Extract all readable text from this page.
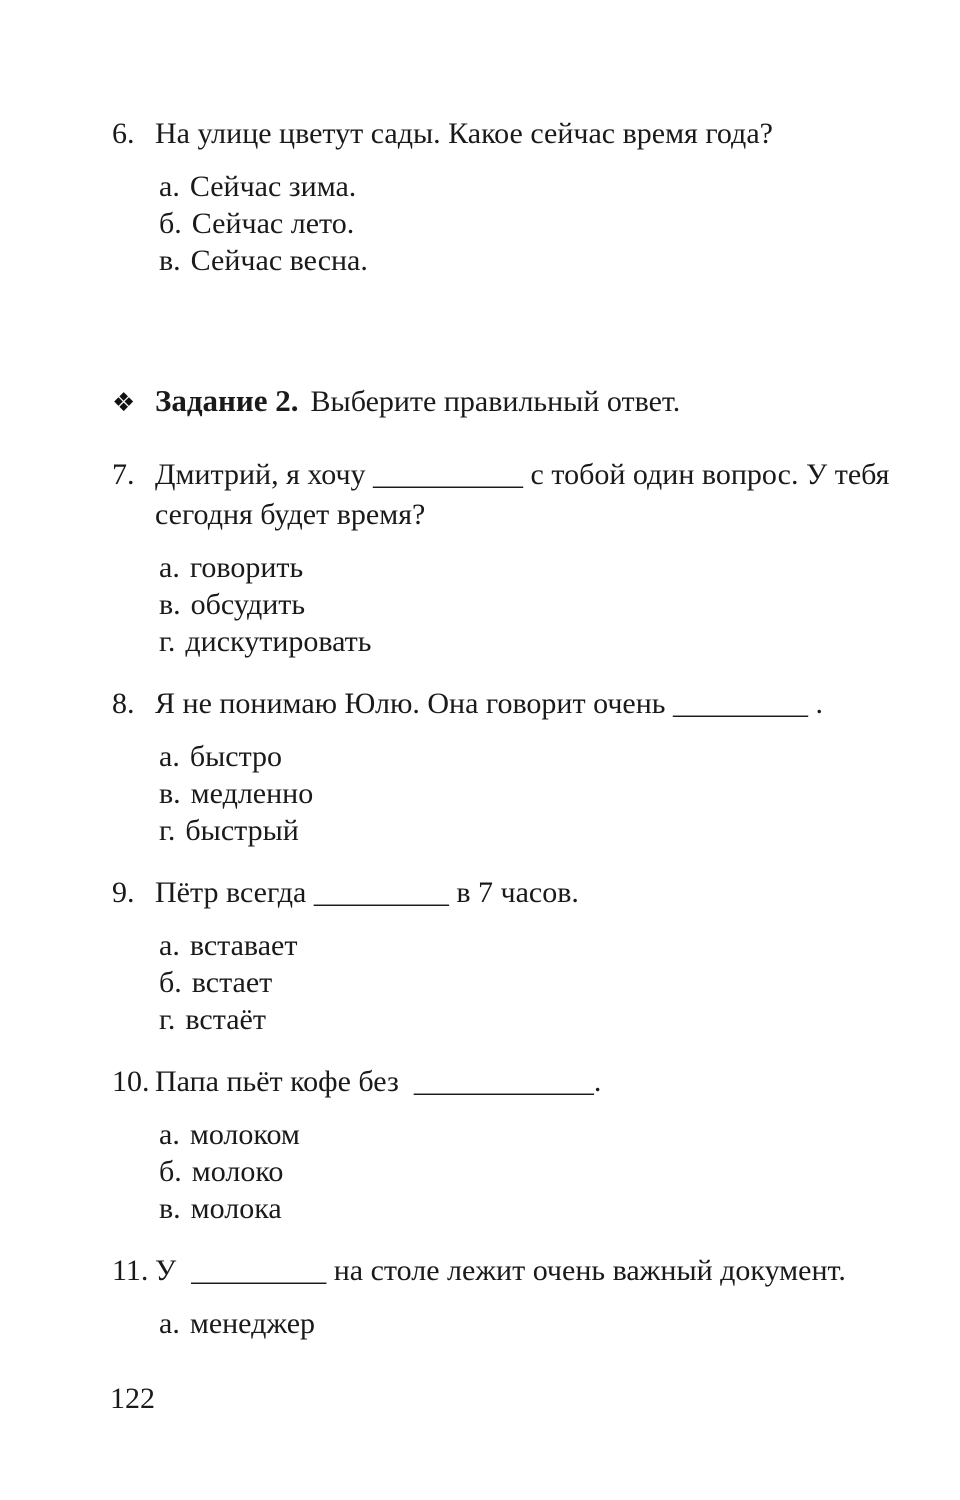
6. На улице цветут сады. Какое сейчас время года?
а. Сейчас зима.
б. Сейчас лето.
в. Сейчас весна.
❖ Задание 2. Выберите правильный ответ.
7. Дмитрий, я хочу __________ с тобой один вопрос. У тебя
сегодня будет время?
а. говорить
в. обсудить
г. дискутировать
8. Я не понимаю Юлю. Она говорит очень _________ .
а. быстро
в. медленно
г. быстрый
9. Пётр всегда _________ в 7 часов.
а. вставает
б. встает
г. встаёт
10. Папа пьёт кофе без  ____________.
а. молоком
б. молоко
в. молока
11. У  _________ на столе лежит очень важный документ.
а. менеджер
122
